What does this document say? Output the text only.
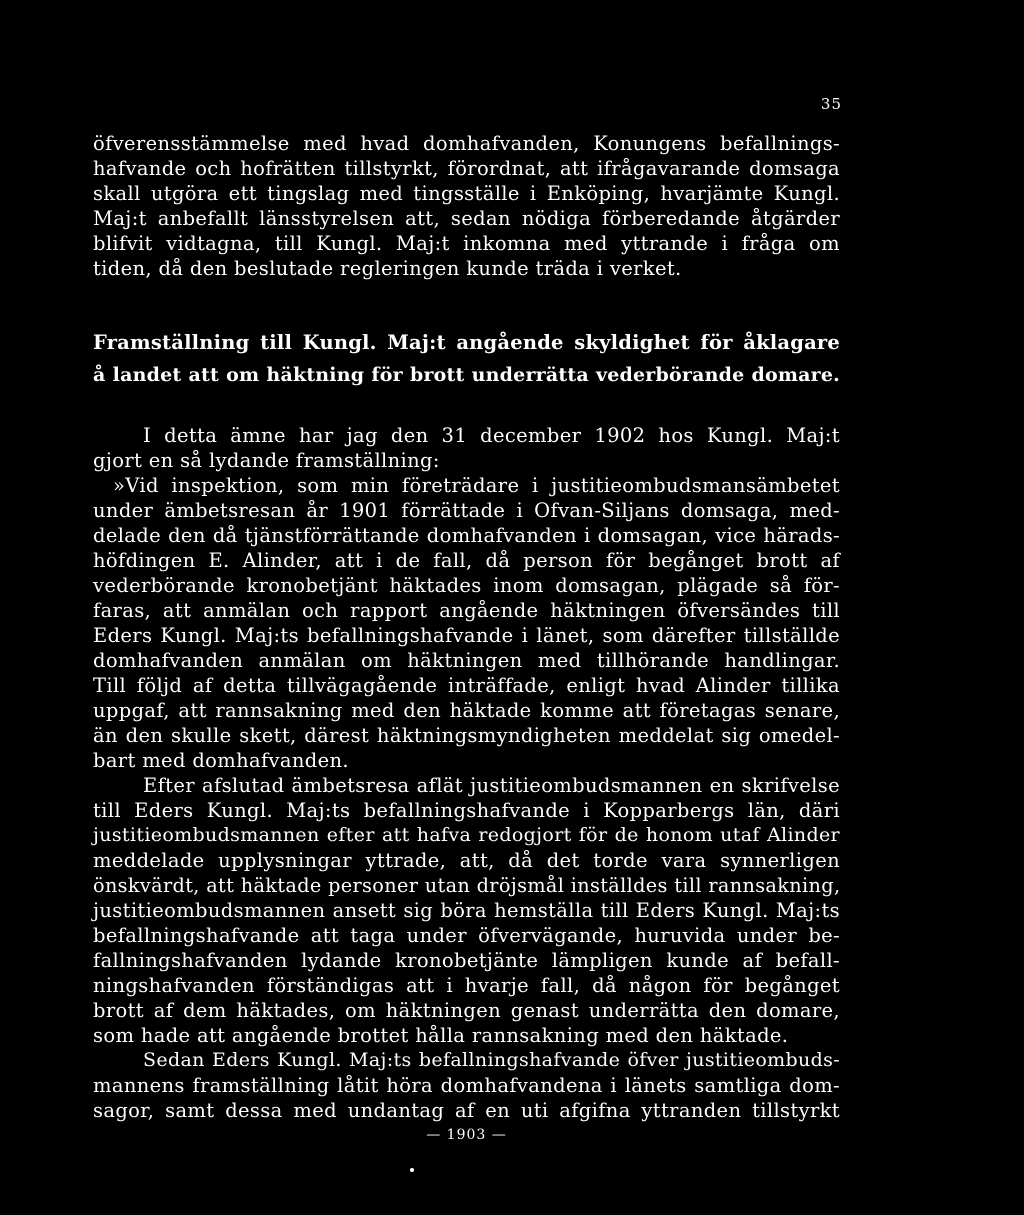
35
öfverensstämmelse med hvad domhafvanden, Konungens befallnings-
hafvande och hofrätten tillstyrkt, förordnat, att ifrågavarande domsaga
skall utgöra ett tingslag med tingsställe i Enköping, hvarjämte Kungl.
Maj:t anbefallt länsstyrelsen att, sedan nödiga förberedande åtgärder
blifvit vidtagna, till Kungl. Maj:t inkomna med yttrande i fråga om
tiden, då den beslutade regleringen kunde träda i verket.
Framställning till Kungl. Maj:t angående skyldighet för åklagare
å landet att om häktning för brott underrätta vederbörande domare.
I detta ämne har jag den 31 december 1902 hos Kungl. Maj:t
gjort en så lydande framställning:
»Vid inspektion, som min företrädare i justitieombudsmansämbetet
under ämbetsresan år 1901 förrättade i Ofvan-Siljans domsaga, med-
delade den då tjänstförrättande domhafvanden i domsagan, vice härads-
höfdingen E. Alinder, att i de fall, då person för begånget brott af
vederbörande kronobetjänt häktades inom domsagan, plägade så för-
faras, att anmälan och rapport angående häktningen öfversändes till
Eders Kungl. Maj:ts befallningshafvande i länet, som därefter tillställde
domhafvanden anmälan om häktningen med tillhörande handlingar.
Till följd af detta tillvägagående inträffade, enligt hvad Alinder tillika
uppgaf, att rannsakning med den häktade komme att företagas senare,
än den skulle skett, därest häktningsmyndigheten meddelat sig omedel-
bart med domhafvanden.
Efter afslutad ämbetsresa aflät justitieombudsmannen en skrifvelse
till Eders Kungl. Maj:ts befallningshafvande i Kopparbergs län, däri
justitieombudsmannen efter att hafva redogjort för de honom utaf Alinder
meddelade upplysningar yttrade, att, då det torde vara synnerligen
önskvärdt, att häktade personer utan dröjsmål inställdes till rannsakning,
justitieombudsmannen ansett sig böra hemställa till Eders Kungl. Maj:ts
befallningshafvande att taga under öfvervägande, huruvida under be-
fallningshafvanden lydande kronobetjänte lämpligen kunde af befall-
ningshafvanden förständigas att i hvarje fall, då någon för begånget
brott af dem häktades, om häktningen genast underrätta den domare,
som hade att angående brottet hålla rannsakning med den häktade.
Sedan Eders Kungl. Maj:ts befallningshafvande öfver justitieombuds-
mannens framställning låtit höra domhafvandena i länets samtliga dom-
sagor, samt dessa med undantag af en uti afgifna yttranden tillstyrkt
— 1903 —
